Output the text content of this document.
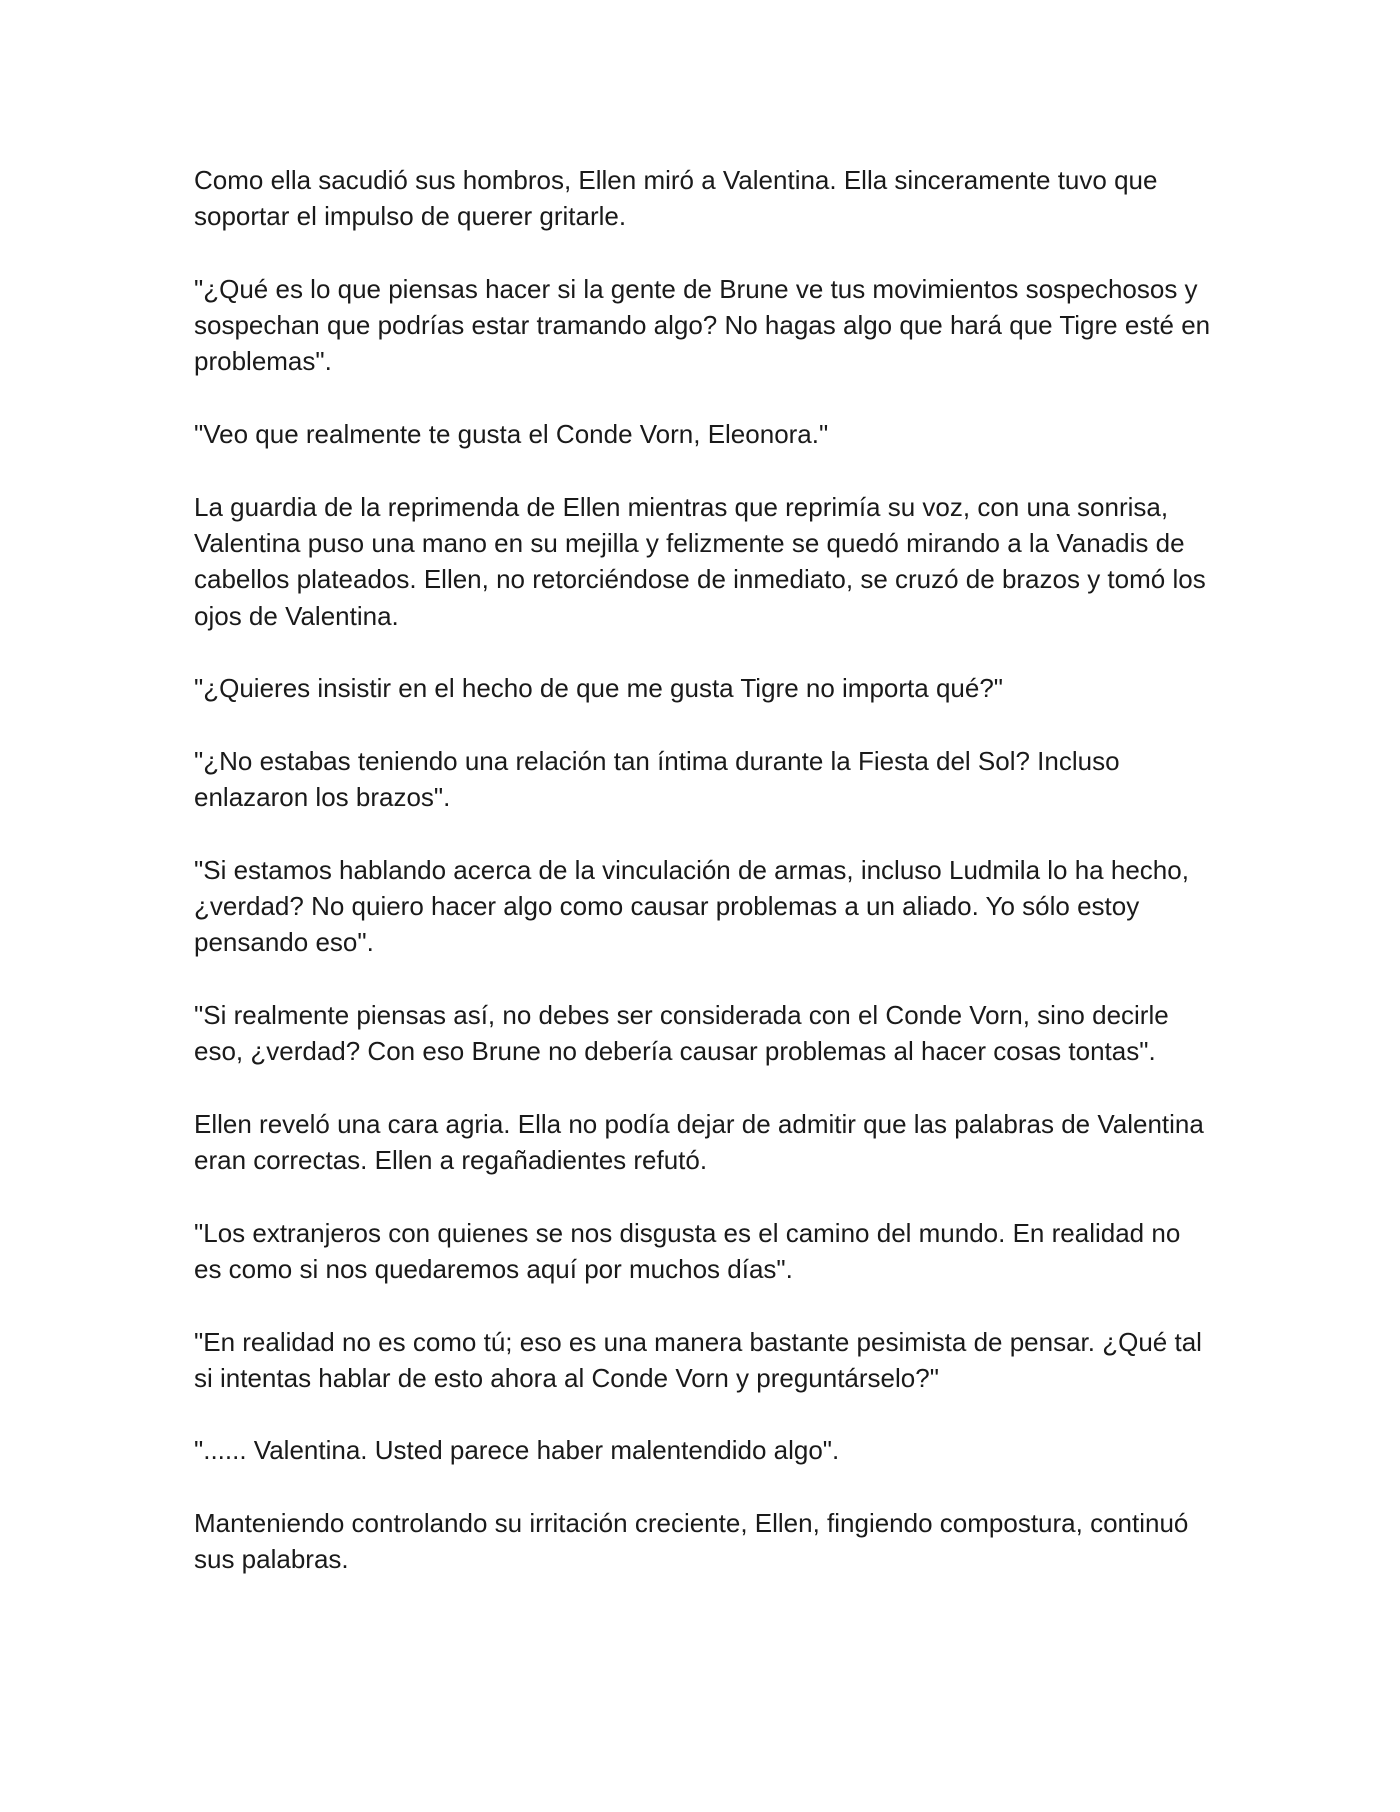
Como ella sacudió sus hombros, Ellen miró a Valentina. Ella sinceramente tuvo que soportar el impulso de querer gritarle.

"¿Qué es lo que piensas hacer si la gente de Brune ve tus movimientos sospechosos y sospechan que podrías estar tramando algo? No hagas algo que hará que Tigre esté en problemas".

"Veo que realmente te gusta el Conde Vorn, Eleonora."

La guardia de la reprimenda de Ellen mientras que reprimía su voz, con una sonrisa, Valentina puso una mano en su mejilla y felizmente se quedó mirando a la Vanadis de cabellos plateados. Ellen, no retorciéndose de inmediato, se cruzó de brazos y tomó los ojos de Valentina.

"¿Quieres insistir en el hecho de que me gusta Tigre no importa qué?"

"¿No estabas teniendo una relación tan íntima durante la Fiesta del Sol? Incluso enlazaron los brazos".

"Si estamos hablando acerca de la vinculación de armas, incluso Ludmila lo ha hecho, ¿verdad? No quiero hacer algo como causar problemas a un aliado. Yo sólo estoy pensando eso".

"Si realmente piensas así, no debes ser considerada con el Conde Vorn, sino decirle eso, ¿verdad? Con eso Brune no debería causar problemas al hacer cosas tontas".

Ellen reveló una cara agria. Ella no podía dejar de admitir que las palabras de Valentina eran correctas. Ellen a regañadientes refutó.

"Los extranjeros con quienes se nos disgusta es el camino del mundo. En realidad no es como si nos quedaremos aquí por muchos días".

"En realidad no es como tú; eso es una manera bastante pesimista de pensar. ¿Qué tal si intentas hablar de esto ahora al Conde Vorn y preguntárselo?"

"...... Valentina. Usted parece haber malentendido algo".

Manteniendo controlando su irritación creciente, Ellen, fingiendo compostura, continuó sus palabras.
